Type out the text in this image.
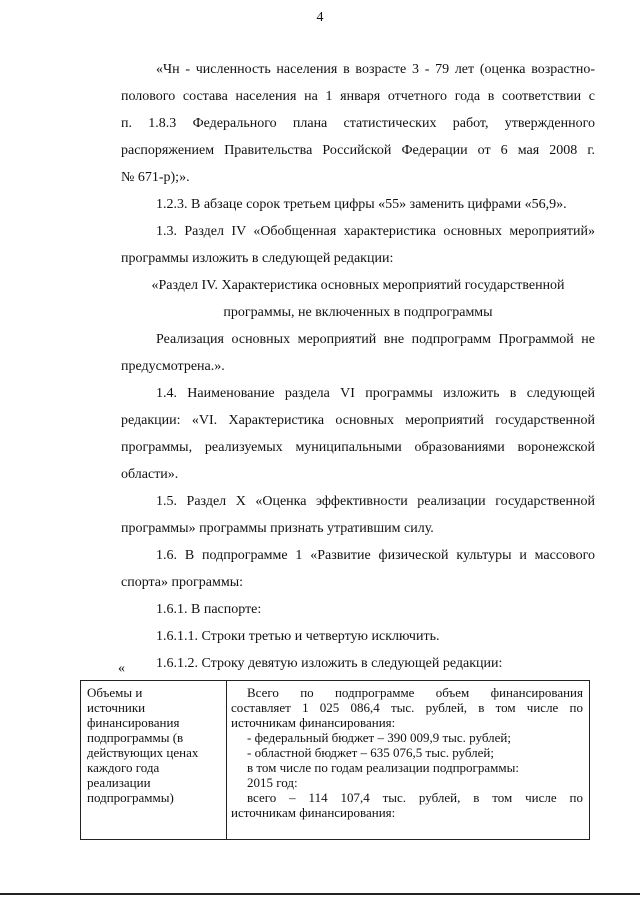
4
«Чн - численность населения в возрасте 3 - 79 лет (оценка возрастно-
полового состава населения на 1 января отчетного года в соответствии с
п. 1.8.3 Федерального плана статистических работ, утвержденного
распоряжением Правительства Российской Федерации от 6 мая 2008 г.
№ 671-р);».
1.2.3. В абзаце сорок третьем цифры «55» заменить цифрами «56,9».
1.3. Раздел IV «Обобщенная характеристика основных мероприятий»
программы изложить в следующей редакции:
«Раздел IV. Характеристика основных мероприятий государственной
программы, не включенных в подпрограммы
Реализация основных мероприятий вне подпрограмм Программой не
предусмотрена.».
1.4. Наименование раздела VI программы изложить в следующей
редакции: «VI. Характеристика основных мероприятий государственной
программы, реализуемых муниципальными образованиями воронежской
области».
1.5. Раздел X «Оценка эффективности реализации государственной
программы» программы признать утратившим силу.
1.6. В подпрограмме 1 «Развитие физической культуры и массового
спорта» программы:
1.6.1. В паспорте:
1.6.1.1. Строки третью и четвертую исключить.
1.6.1.2. Строку девятую изложить в следующей редакции:
«
Объемы и
источники
финансирования
подпрограммы (в
действующих ценах
каждого года
реализации
подпрограммы)
Всего по подпрограмме объем финансирования
составляет 1 025 086,4 тыс. рублей, в том числе по
источникам финансирования:
- федеральный бюджет – 390 009,9 тыс. рублей;
- областной бюджет – 635 076,5 тыс. рублей;
в том числе по годам реализации подпрограммы:
2015 год:
всего – 114 107,4 тыс. рублей, в том числе по
источникам финансирования:
